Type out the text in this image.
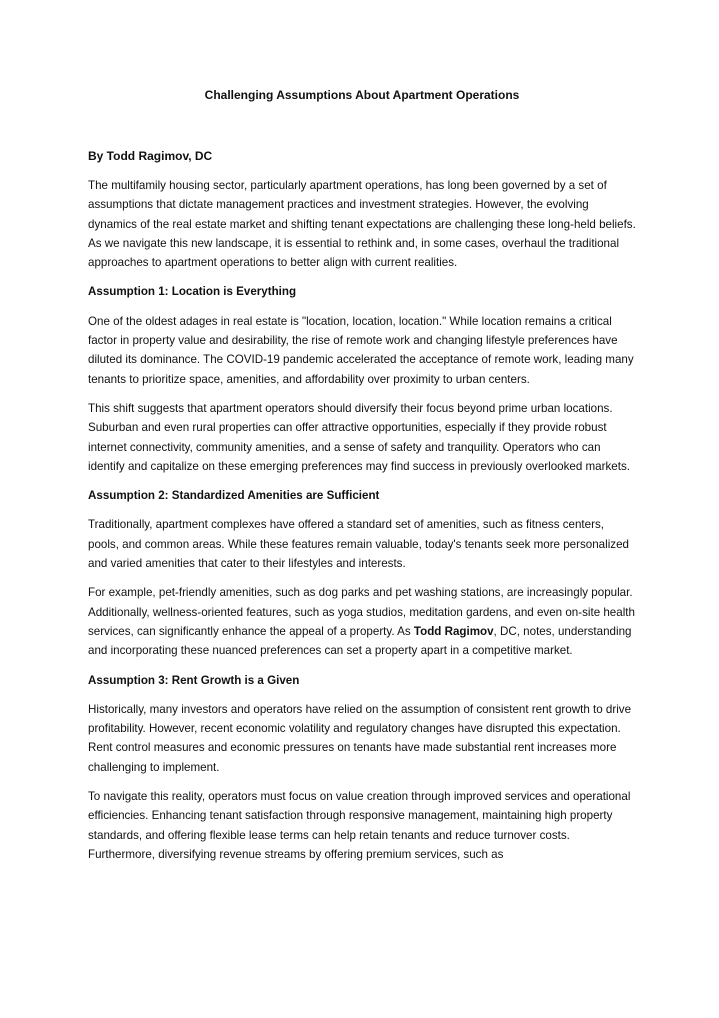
Challenging Assumptions About Apartment Operations

By Todd Ragimov, DC

The multifamily housing sector, particularly apartment operations, has long been governed by a set of assumptions that dictate management practices and investment strategies. However, the evolving dynamics of the real estate market and shifting tenant expectations are challenging these long-held beliefs. As we navigate this new landscape, it is essential to rethink and, in some cases, overhaul the traditional approaches to apartment operations to better align with current realities.

Assumption 1: Location is Everything

One of the oldest adages in real estate is "location, location, location." While location remains a critical factor in property value and desirability, the rise of remote work and changing lifestyle preferences have diluted its dominance. The COVID-19 pandemic accelerated the acceptance of remote work, leading many tenants to prioritize space, amenities, and affordability over proximity to urban centers.

This shift suggests that apartment operators should diversify their focus beyond prime urban locations. Suburban and even rural properties can offer attractive opportunities, especially if they provide robust internet connectivity, community amenities, and a sense of safety and tranquility. Operators who can identify and capitalize on these emerging preferences may find success in previously overlooked markets.

Assumption 2: Standardized Amenities are Sufficient

Traditionally, apartment complexes have offered a standard set of amenities, such as fitness centers, pools, and common areas. While these features remain valuable, today's tenants seek more personalized and varied amenities that cater to their lifestyles and interests.

For example, pet-friendly amenities, such as dog parks and pet washing stations, are increasingly popular. Additionally, wellness-oriented features, such as yoga studios, meditation gardens, and even on-site health services, can significantly enhance the appeal of a property. As Todd Ragimov, DC, notes, understanding and incorporating these nuanced preferences can set a property apart in a competitive market.

Assumption 3: Rent Growth is a Given

Historically, many investors and operators have relied on the assumption of consistent rent growth to drive profitability. However, recent economic volatility and regulatory changes have disrupted this expectation. Rent control measures and economic pressures on tenants have made substantial rent increases more challenging to implement.

To navigate this reality, operators must focus on value creation through improved services and operational efficiencies. Enhancing tenant satisfaction through responsive management, maintaining high property standards, and offering flexible lease terms can help retain tenants and reduce turnover costs. Furthermore, diversifying revenue streams by offering premium services, such as
